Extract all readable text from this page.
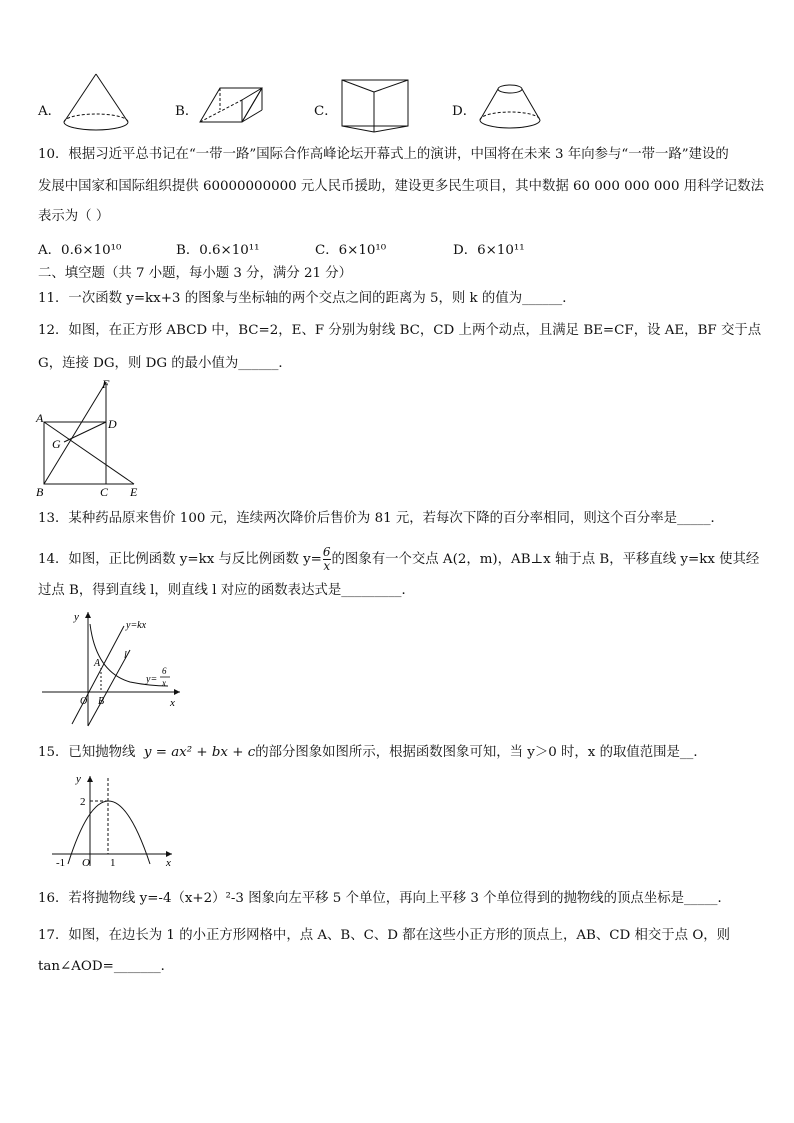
A．	B．	C．	D．
10．根据习近平总书记在“一带一路”国际合作高峰论坛开幕式上的演讲，中国将在未来 3 年向参与“一带一路”建设的
发展中国家和国际组织提供 60000000000 元人民币援助，建设更多民生项目，其中数据 60 000 000 000 用科学记数法
表示为（ ）
A．0.6×10¹⁰	B．0.6×10¹¹	C．6×10¹⁰	D．6×10¹¹
二、填空题（共 7 小题，每小题 3 分，满分 21 分）
11．一次函数 y=kx+3 的图象与坐标轴的两个交点之间的距离为 5，则 k 的值为______．
12．如图，在正方形 ABCD 中，BC=2，E、F 分别为射线 BC，CD 上两个动点，且满足 BE=CF，设 AE，BF 交于点
G，连接 DG，则 DG 的最小值为______．
A
B	C
D
E
F
G
13．某种药品原来售价 100 元，连续两次降价后售价为 81 元，若每次下降的百分率相同，则这个百分率是_____．
14．如图，正比例函数 y=kx 与反比例函数 $y= \frac{6}{x}$ 的图象有一个交点 A(2，m)，AB⊥x 轴于点 B，平移直线 y=kx 使其经
过点 B，得到直线 l，则直线 l 对应的函数表达式是_________．
y
x
y=kx
l
A
O B
y=
6
x
15．已知抛物线 y = ax² + bx + c的部分图象如图所示，根据函数图象可知，当 y＞0 时，x 的取值范围是__．
y
x
2
-1 O 1
16．若将抛物线 y=-4（x+2）²-3 图象向左平移 5 个单位，再向上平移 3 个单位得到的抛物线的顶点坐标是_____．
17．如图，在边长为 1 的小正方形网格中，点 A、B、C、D 都在这些小正方形的顶点上，AB、CD 相交于点 O，则
tan∠AOD=_______．
